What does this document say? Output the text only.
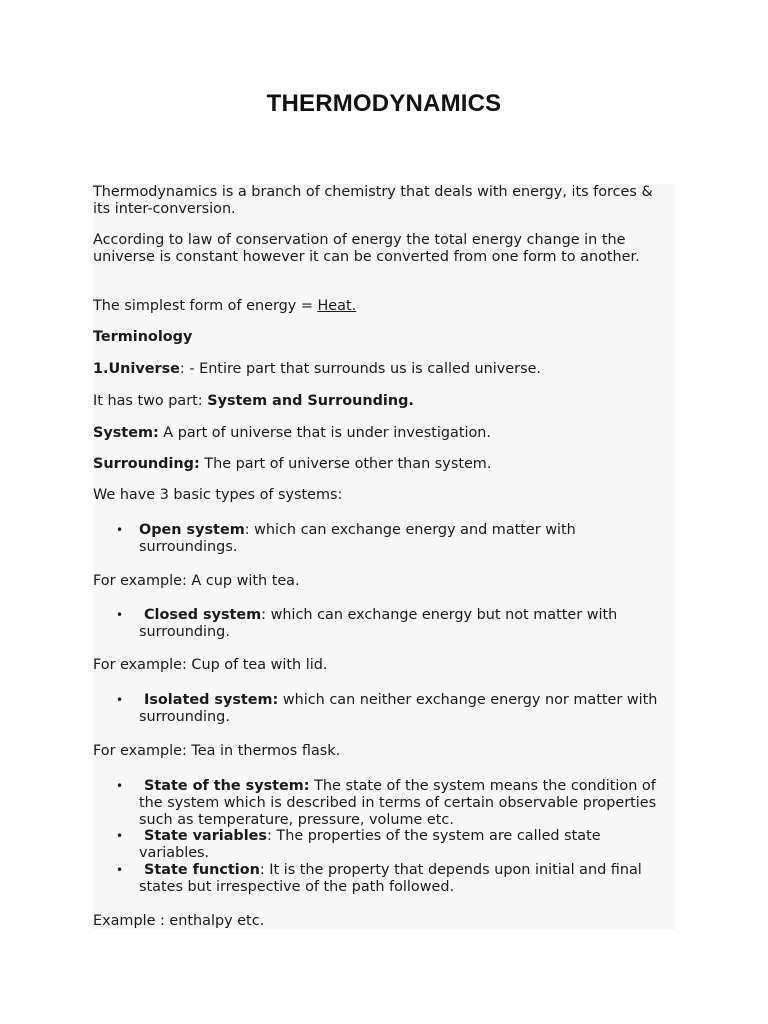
THERMODYNAMICS

Thermodynamics is a branch of chemistry that deals with energy, its forces & its inter-conversion.

According to law of conservation of energy the total energy change in the universe is constant however it can be converted from one form to another.

The simplest form of energy = Heat.

Terminology

1.Universe: - Entire part that surrounds us is called universe.

It has two part: System and Surrounding.

System: A part of universe that is under investigation.

Surrounding: The part of universe other than system.

We have 3 basic types of systems:

• Open system: which can exchange energy and matter with surroundings.

For example: A cup with tea.

•	Closed system: which can exchange energy but not matter with surrounding.

For example: Cup of tea with lid.

•	Isolated system: which can neither exchange energy nor matter with surrounding.

For example: Tea in thermos flask.

•	State of the system: The state of the system means the condition of the system which is described in terms of certain observable properties such as temperature, pressure, volume etc.
•	State variables: The properties of the system are called state variables.
•	State function: It is the property that depends upon initial and final states but irrespective of the path followed.

Example : enthalpy etc.
